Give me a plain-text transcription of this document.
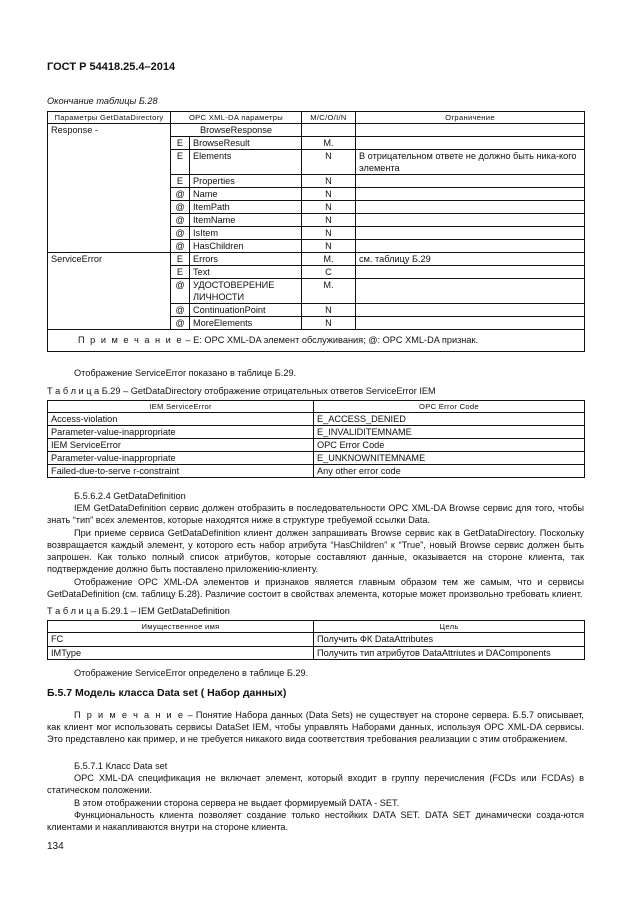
ГОСТ Р 54418.25.4–2014
Окончание таблицы Б.28
Параметры GetDataDirectory	OPC XML-DA параметры		M/C/O/I/N	Ограничение
Response -	BrowseResponse			
	E	BrowseResult	M.	
	E	Elements	N	В отрицательном ответе не должно быть ника-кого элемента
	E	Properties	N	
	@	Name	N	
	@	ItemPath	N	
	@	ItemName	N	
	@	IsItem	N	
	@	HasChildren	N	
ServiceError	E	Errors	M.	см. таблицу Б.29
	E	Text	C	
	@	УДОСТОВЕРЕНИЕ ЛИЧНОСТИ	M.	
	@	ContinuationPoint	N	
	@	MoreElements	N	
П р и м е ч а н и е – E: OPC XML-DA элемент обслуживания; @: OPC XML-DA признак.				
Отображение ServiceError показано в таблице Б.29.
Т а б л и ц а Б.29 – GetDataDirectory отображение отрицательных ответов ServiceError IEM
IEM ServiceError	OPC Error Code
Access-violation	E_ACCESS_DENIED
Parameter-value-inappropriate	E_INVALIDITEMNAME
IEM ServiceError	OPC Error Code
Parameter-value-inappropriate	E_UNKNOWNITEMNAME
Failed-due-to-serve r-constraint	Any other error code
Б.5.6.2.4 GetDataDefinition
IEM GetDataDefinition сервис должен отобразить в последовательности OPC XML-DA Browse сервис для того, чтобы знать “тип” всех элементов, которые находятся ниже в структуре требуемой ссылки Data.
При приеме сервиса GetDataDefinition клиент должен запрашивать Browse сервис как в GetDataDirectory. Поскольку возвращается каждый элемент, у которого есть набор атрибута “HasChildren” к “True”, новый Browse сервис должен быть запрошен. Как только полный список атрибутов, которые составляют данные, оказывается на стороне клиента, так подтверждение должно быть поставлено приложению-клиенту.
Отображение OPC XML-DA элементов и признаков является главным образом тем же самым, что и сервисы GetDataDefinition (см. таблицу Б.28). Различие состоит в свойствах элемента, которые может произвольно требовать клиент.
Т а б л и ц а Б.29.1 – IEM GetDataDefinition
Имущественное имя	Цель
FC	Получить ФК DataAttributes
IMType	Получить тип атрибутов DataAttriutes и DAComponents
Отображение ServiceError определено в таблице Б.29.
Б.5.7 Модель класса Data set ( Набор данных)
П р и м е ч а н и е – Понятие Набора данных (Data Sets) не существует на стороне сервера. Б.5.7 описывает, как клиент мог использовать сервисы DataSet IEM, чтобы управлять Наборами данных, используя OPC XML-DA сервисы. Это представлено как пример, и не требуется никакого вида соответствия требования реализации с этим отображением.
Б.5.7.1 Класс Data set
OPC XML-DA спецификация не включает элемент, который входит в группу перечисления (FCDs или FCDAs) в статическом положении.
В этом отображении сторона сервера не выдает формируемый DATA - SET.
Функциональность клиента позволяет создание только нестойких DATA SET. DATA SET динамически созда-ются клиентами и накапливаются внутри на стороне клиента.
134
